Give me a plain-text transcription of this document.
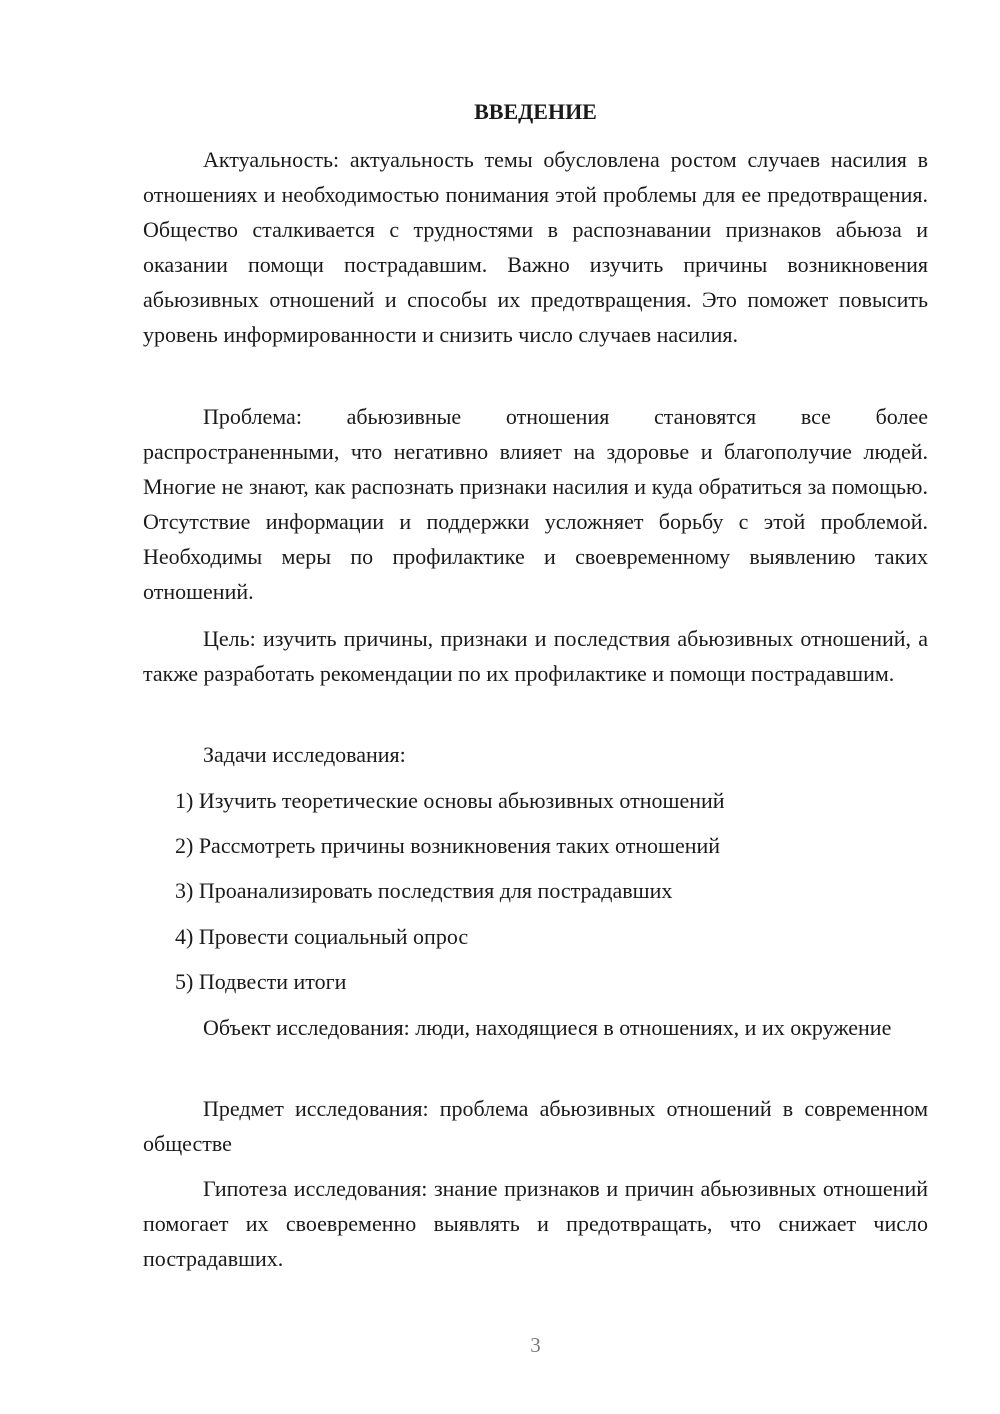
ВВЕДЕНИЕ

Актуальность: актуальность темы обусловлена ростом случаев насилия в отношениях и необходимостью понимания этой проблемы для ее предотвращения. Общество сталкивается с трудностями в распознавании признаков абьюза и оказании помощи пострадавшим. Важно изучить причины возникновения абьюзивных отношений и способы их предотвращения. Это поможет повысить уровень информированности и снизить число случаев насилия.

Проблема: абьюзивные отношения становятся все более распространенными, что негативно влияет на здоровье и благополучие людей. Многие не знают, как распознать признаки насилия и куда обратиться за помощью. Отсутствие информации и поддержки усложняет борьбу с этой проблемой. Необходимы меры по профилактике и своевременному выявлению таких отношений.

Цель: изучить причины, признаки и последствия абьюзивных отношений, а также разработать рекомендации по их профилактике и помощи пострадавшим.

Задачи исследования:

1) Изучить теоретические основы абьюзивных отношений

2) Рассмотреть причины возникновения таких отношений

3) Проанализировать последствия для пострадавших

4) Провести социальный опрос

5) Подвести итоги

Объект исследования: люди, находящиеся в отношениях, и их окружение

Предмет исследования: проблема абьюзивных отношений в современном обществе

Гипотеза исследования: знание признаков и причин абьюзивных отношений помогает их своевременно выявлять и предотвращать, что снижает число пострадавших.

3
